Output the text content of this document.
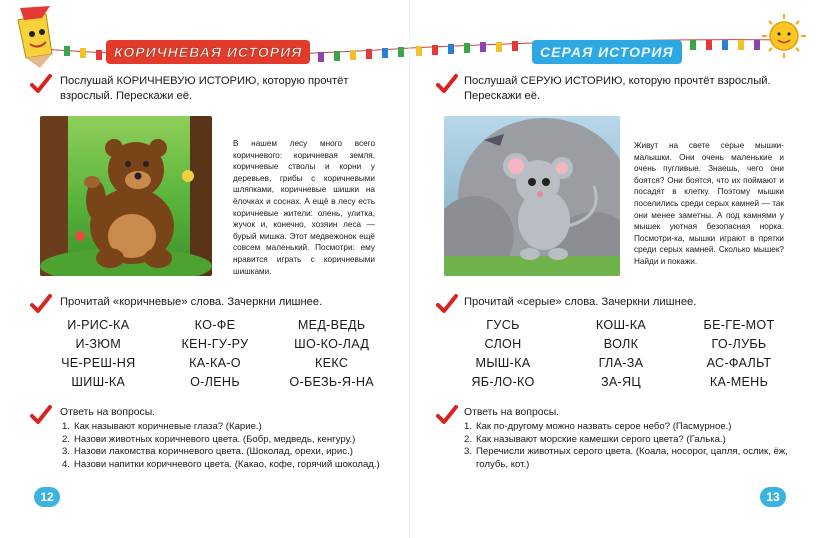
КОРИЧНЕВАЯ ИСТОРИЯ	СЕРАЯ ИСТОРИЯ
Послушай КОРИЧНЕВУЮ ИСТОРИЮ, которую прочтёт взрослый. Перескажи её.
В нашем лесу много всего коричневого: коричневая земля, коричневые стволы и корни у деревьев, грибы с коричневыми шляпками, коричневые шишки на ёлочках и соснах. А ещё в лесу есть коричневые жители: олень, улитка, жучок и, конечно, хозяин леса — бурый мишка. Этот медвежонок ещё совсем маленький. Посмотри: ему нравится играть с коричневыми шишками.
Прочитай «коричневые» слова. Зачеркни лишнее.
И-РИС-КА	КО-ФЕ	МЕД-ВЕДЬ
И-ЗЮМ	КЕН-ГУ-РУ	ШО-КО-ЛАД
ЧЕ-РЕШ-НЯ	КА-КА-О	КЕКС
ШИШ-КА	О-ЛЕНЬ	О-БЕЗЬ-Я-НА
Ответь на вопросы.
1. Как называют коричневые глаза? (Карие.)
2. Назови животных коричневого цвета. (Бобр, медведь, кенгуру.)
3. Назови лакомства коричневого цвета. (Шоколад, орехи, ирис.)
4. Назови напитки коричневого цвета. (Какао, кофе, горячий шоколад.)
12
Послушай СЕРУЮ ИСТОРИЮ, которую прочтёт взрослый. Перескажи её.
Живут на свете серые мышки-малышки. Они очень маленькие и очень пугливые. Знаешь, чего они боятся? Они боятся, что их поймают и посадят в клетку. Поэтому мышки поселились среди серых камней — так они менее заметны. А под камнями у мышек уютная безопасная норка. Посмотри-ка, мышки играют в прятки среди серых камней. Сколько мышек? Найди и покажи.
Прочитай «серые» слова. Зачеркни лишнее.
ГУСЬ	КОШ-КА	БЕ-ГЕ-МОТ
СЛОН	ВОЛК	ГО-ЛУБЬ
МЫШ-КА	ГЛА-ЗА	АС-ФАЛЬТ
ЯБ-ЛО-КО	ЗА-ЯЦ	КА-МЕНЬ
Ответь на вопросы.
1. Как по-другому можно назвать серое небо? (Пасмурное.)
2. Как называют морские камешки серого цвета? (Галька.)
3. Перечисли животных серого цвета. (Коала, носорог, цапля, ослик, ёж, голубь, кот.)
13
